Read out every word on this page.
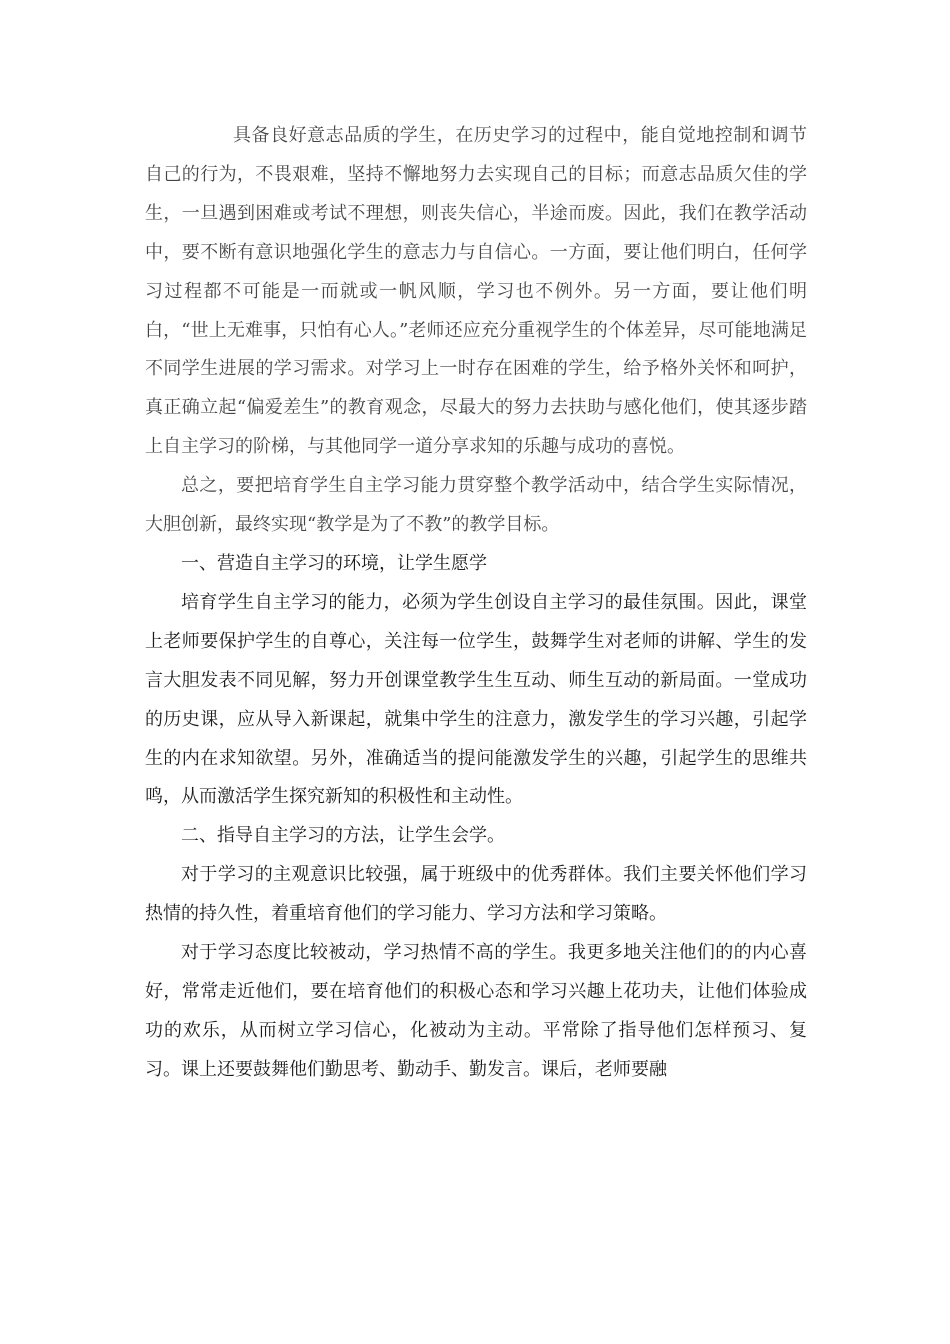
具备良好意志品质的学生，在历史学习的过程中，能自觉地控制和调节自己的行为，不畏艰难，坚持不懈地努力去实现自己的目标；而意志品质欠佳的学生，一旦遇到困难或考试不理想，则丧失信心，半途而废。因此，我们在教学活动中，要不断有意识地强化学生的意志力与自信心。一方面，要让他们明白，任何学习过程都不可能是一而就或一帆风顺，学习也不例外。另一方面，要让他们明白，“世上无难事，只怕有心人。”老师还应充分重视学生的个体差异，尽可能地满足不同学生进展的学习需求。对学习上一时存在困难的学生，给予格外关怀和呵护，真正确立起“偏爱差生”的教育观念，尽最大的努力去扶助与感化他们，使其逐步踏上自主学习的阶梯，与其他同学一道分享求知的乐趣与成功的喜悦。

总之，要把培育学生自主学习能力贯穿整个教学活动中，结合学生实际情况，大胆创新，最终实现“教学是为了不教”的教学目标。

一、营造自主学习的环境，让学生愿学

培育学生自主学习的能力，必须为学生创设自主学习的最佳氛围。因此，课堂上老师要保护学生的自尊心，关注每一位学生，鼓舞学生对老师的讲解、学生的发言大胆发表不同见解，努力开创课堂教学生生互动、师生互动的新局面。一堂成功的历史课，应从导入新课起，就集中学生的注意力，激发学生的学习兴趣，引起学生的内在求知欲望。另外，准确适当的提问能激发学生的兴趣，引起学生的思维共鸣，从而激活学生探究新知的积极性和主动性。

二、指导自主学习的方法，让学生会学。

对于学习的主观意识比较强，属于班级中的优秀群体。我们主要关怀他们学习热情的持久性，着重培育他们的学习能力、学习方法和学习策略。

对于学习态度比较被动，学习热情不高的学生。我更多地关注他们的的内心喜好，常常走近他们，要在培育他们的积极心态和学习兴趣上花功夫，让他们体验成功的欢乐，从而树立学习信心，化被动为主动。平常除了指导他们怎样预习、复习。课上还要鼓舞他们勤思考、勤动手、勤发言。课后，老师要融
